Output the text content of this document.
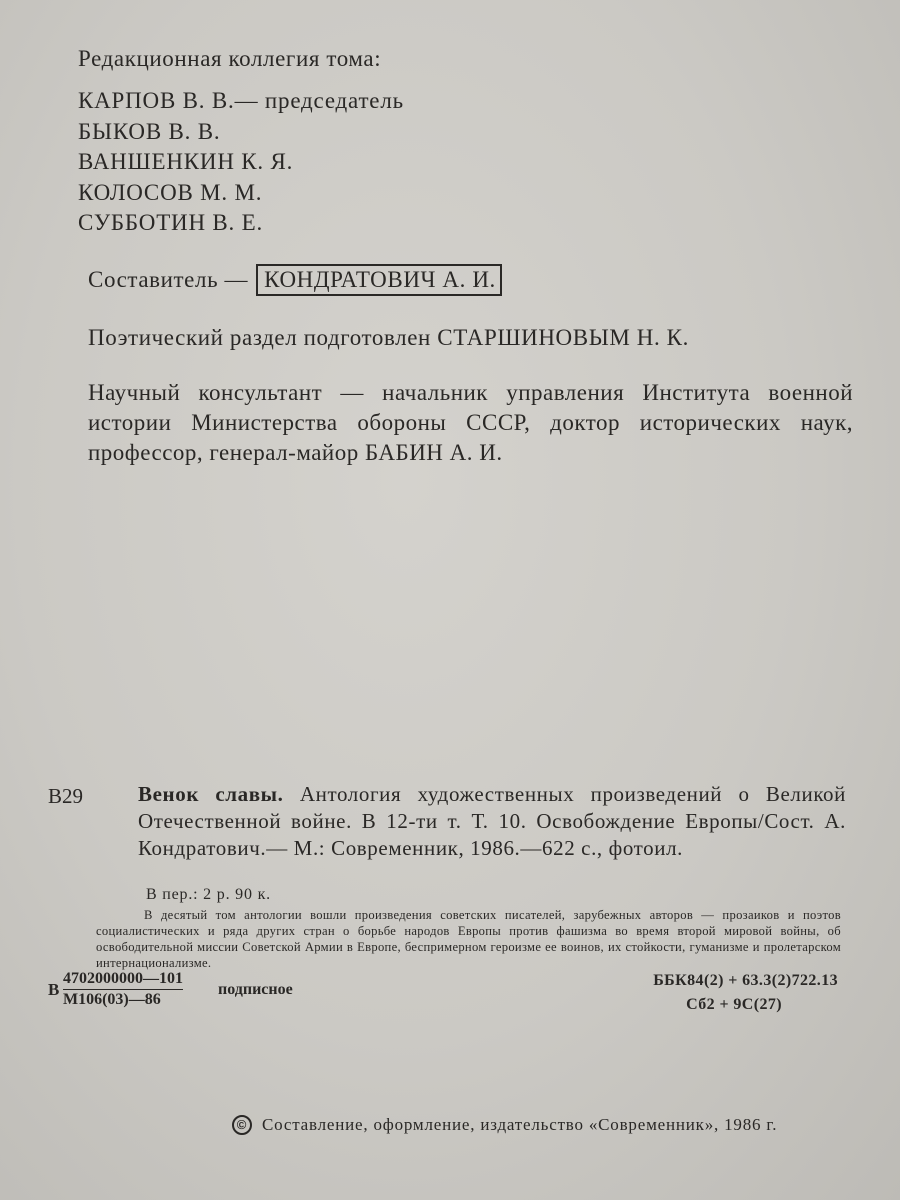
Редакционная коллегия тома:
КАРПОВ В. В.— председатель
БЫКОВ В. В.
ВАНШЕНКИН К. Я.
КОЛОСОВ М. М.
СУББОТИН В. Е.
Составитель — КОНДРАТОВИЧ А. И.
Поэтический раздел подготовлен СТАРШИНОВЫМ Н. К.
Научный консультант — начальник управления Института военной истории Министерства обороны СССР, доктор исторических наук, профессор, генерал-майор БАБИН А. И.
В29	Венок славы. Антология художественных произведений о Великой Отечественной войне. В 12-ти т. Т. 10. Освобождение Европы/Сост. А. Кондратович.— М.: Современник, 1986.—622 с., фотоил.
В пер.: 2 р. 90 к.
В десятый том антологии вошли произведения советских писателей, зарубежных авторов — прозаиков и поэтов социалистических и ряда других стран о борьбе народов Европы против фашизма во время второй мировой войны, об освободительной миссии Советской Армии в Европе, беспримерном героизме ее воинов, их стойкости, гуманизме и пролетарском интернационализме.
В
4702000000—101
М106(03)—86
подписное
ББК84(2) + 63.3(2)722.13
Сб2 + 9С(27)
© Составление, оформление, издательство «Современник», 1986 г.
